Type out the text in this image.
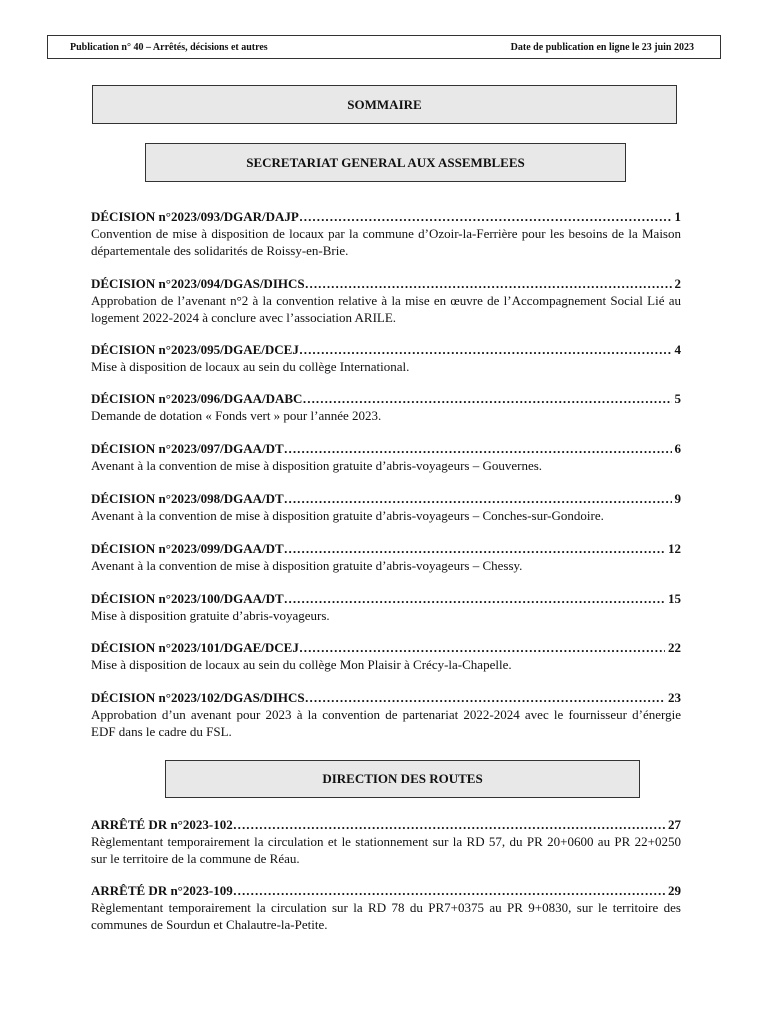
Publication n° 40 – Arrêtés, décisions et autres	Date de publication en ligne le 23 juin 2023
SOMMAIRE
SECRETARIAT GENERAL AUX ASSEMBLEES
DÉCISION n°2023/093/DGAR/DAJP ……………………………………………………………………………………………………………………………………………………	1
Convention de mise à disposition de locaux par la commune d’Ozoir-la-Ferrière pour les besoins de la Maison départementale des solidarités de Roissy-en-Brie.
DÉCISION n°2023/094/DGAS/DIHCS ……………………………………………………………………………………………………………………………………………………	2
Approbation de l’avenant n°2 à la convention relative à la mise en œuvre de l’Accompagnement Social Lié au logement 2022-2024 à conclure avec l’association ARILE.
DÉCISION n°2023/095/DGAE/DCEJ ……………………………………………………………………………………………………………………………………………………	4
Mise à disposition de locaux au sein du collège International.
DÉCISION n°2023/096/DGAA/DABC ……………………………………………………………………………………………………………………………………………………	5
Demande de dotation « Fonds vert » pour l’année 2023.
DÉCISION n°2023/097/DGAA/DT ……………………………………………………………………………………………………………………………………………………	6
Avenant à la convention de mise à disposition gratuite d’abris-voyageurs – Gouvernes.
DÉCISION n°2023/098/DGAA/DT ……………………………………………………………………………………………………………………………………………………	9
Avenant à la convention de mise à disposition gratuite d’abris-voyageurs – Conches-sur-Gondoire.
DÉCISION n°2023/099/DGAA/DT ……………………………………………………………………………………………………………………………………………………	12
Avenant à la convention de mise à disposition gratuite d’abris-voyageurs – Chessy.
DÉCISION n°2023/100/DGAA/DT ……………………………………………………………………………………………………………………………………………………	15
Mise à disposition gratuite d’abris-voyageurs.
DÉCISION n°2023/101/DGAE/DCEJ ……………………………………………………………………………………………………………………………………………………	22
Mise à disposition de locaux au sein du collège Mon Plaisir à Crécy-la-Chapelle.
DÉCISION n°2023/102/DGAS/DIHCS ……………………………………………………………………………………………………………………………………………………	23
Approbation d’un avenant pour 2023 à la convention de partenariat 2022-2024 avec le fournisseur d’énergie EDF dans le cadre du FSL.
DIRECTION DES ROUTES
ARRÊTÉ DR n°2023-102 ……………………………………………………………………………………………………………………………………………………	27
Règlementant temporairement la circulation et le stationnement sur la RD 57, du PR 20+0600 au PR 22+0250 sur le territoire de la commune de Réau.
ARRÊTÉ DR n°2023-109 ……………………………………………………………………………………………………………………………………………………	29
Règlementant temporairement la circulation sur la RD 78 du PR7+0375 au PR 9+0830, sur le territoire des communes de Sourdun et Chalautre-la-Petite.
